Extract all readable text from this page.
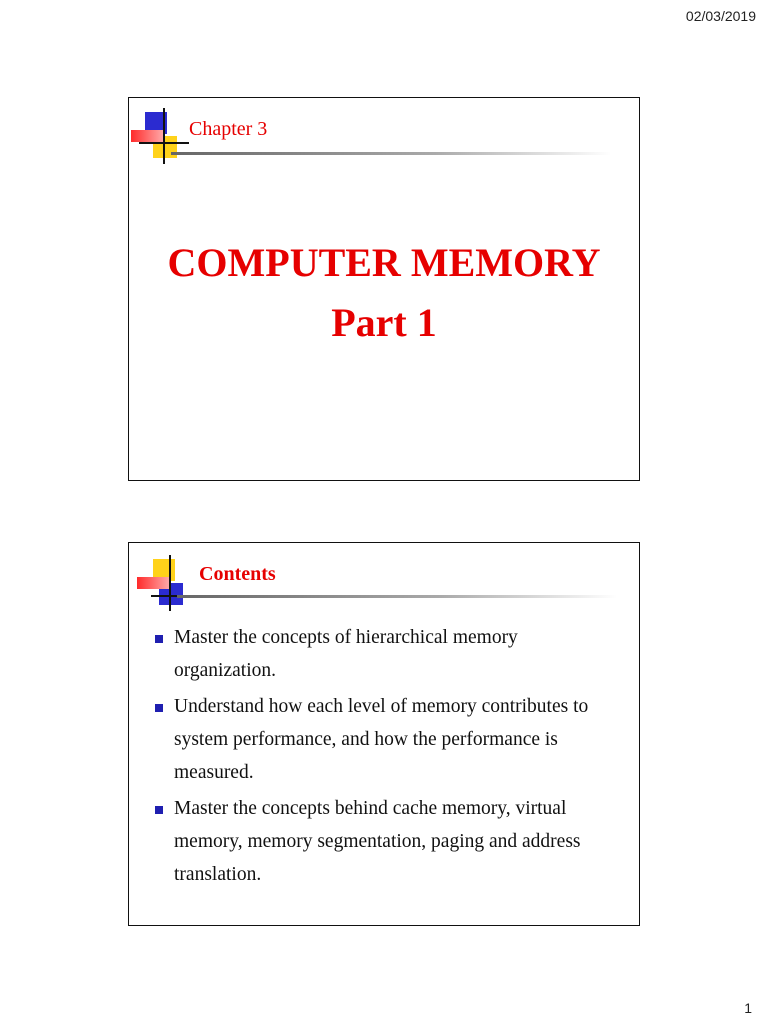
02/03/2019
Chapter 3
COMPUTER MEMORY
Part 1
Contents
Master the concepts of hierarchical memory organization.
Understand how each level of memory contributes to system performance, and how the performance is measured.
Master the concepts behind cache memory, virtual memory, memory segmentation, paging and address translation.
1
